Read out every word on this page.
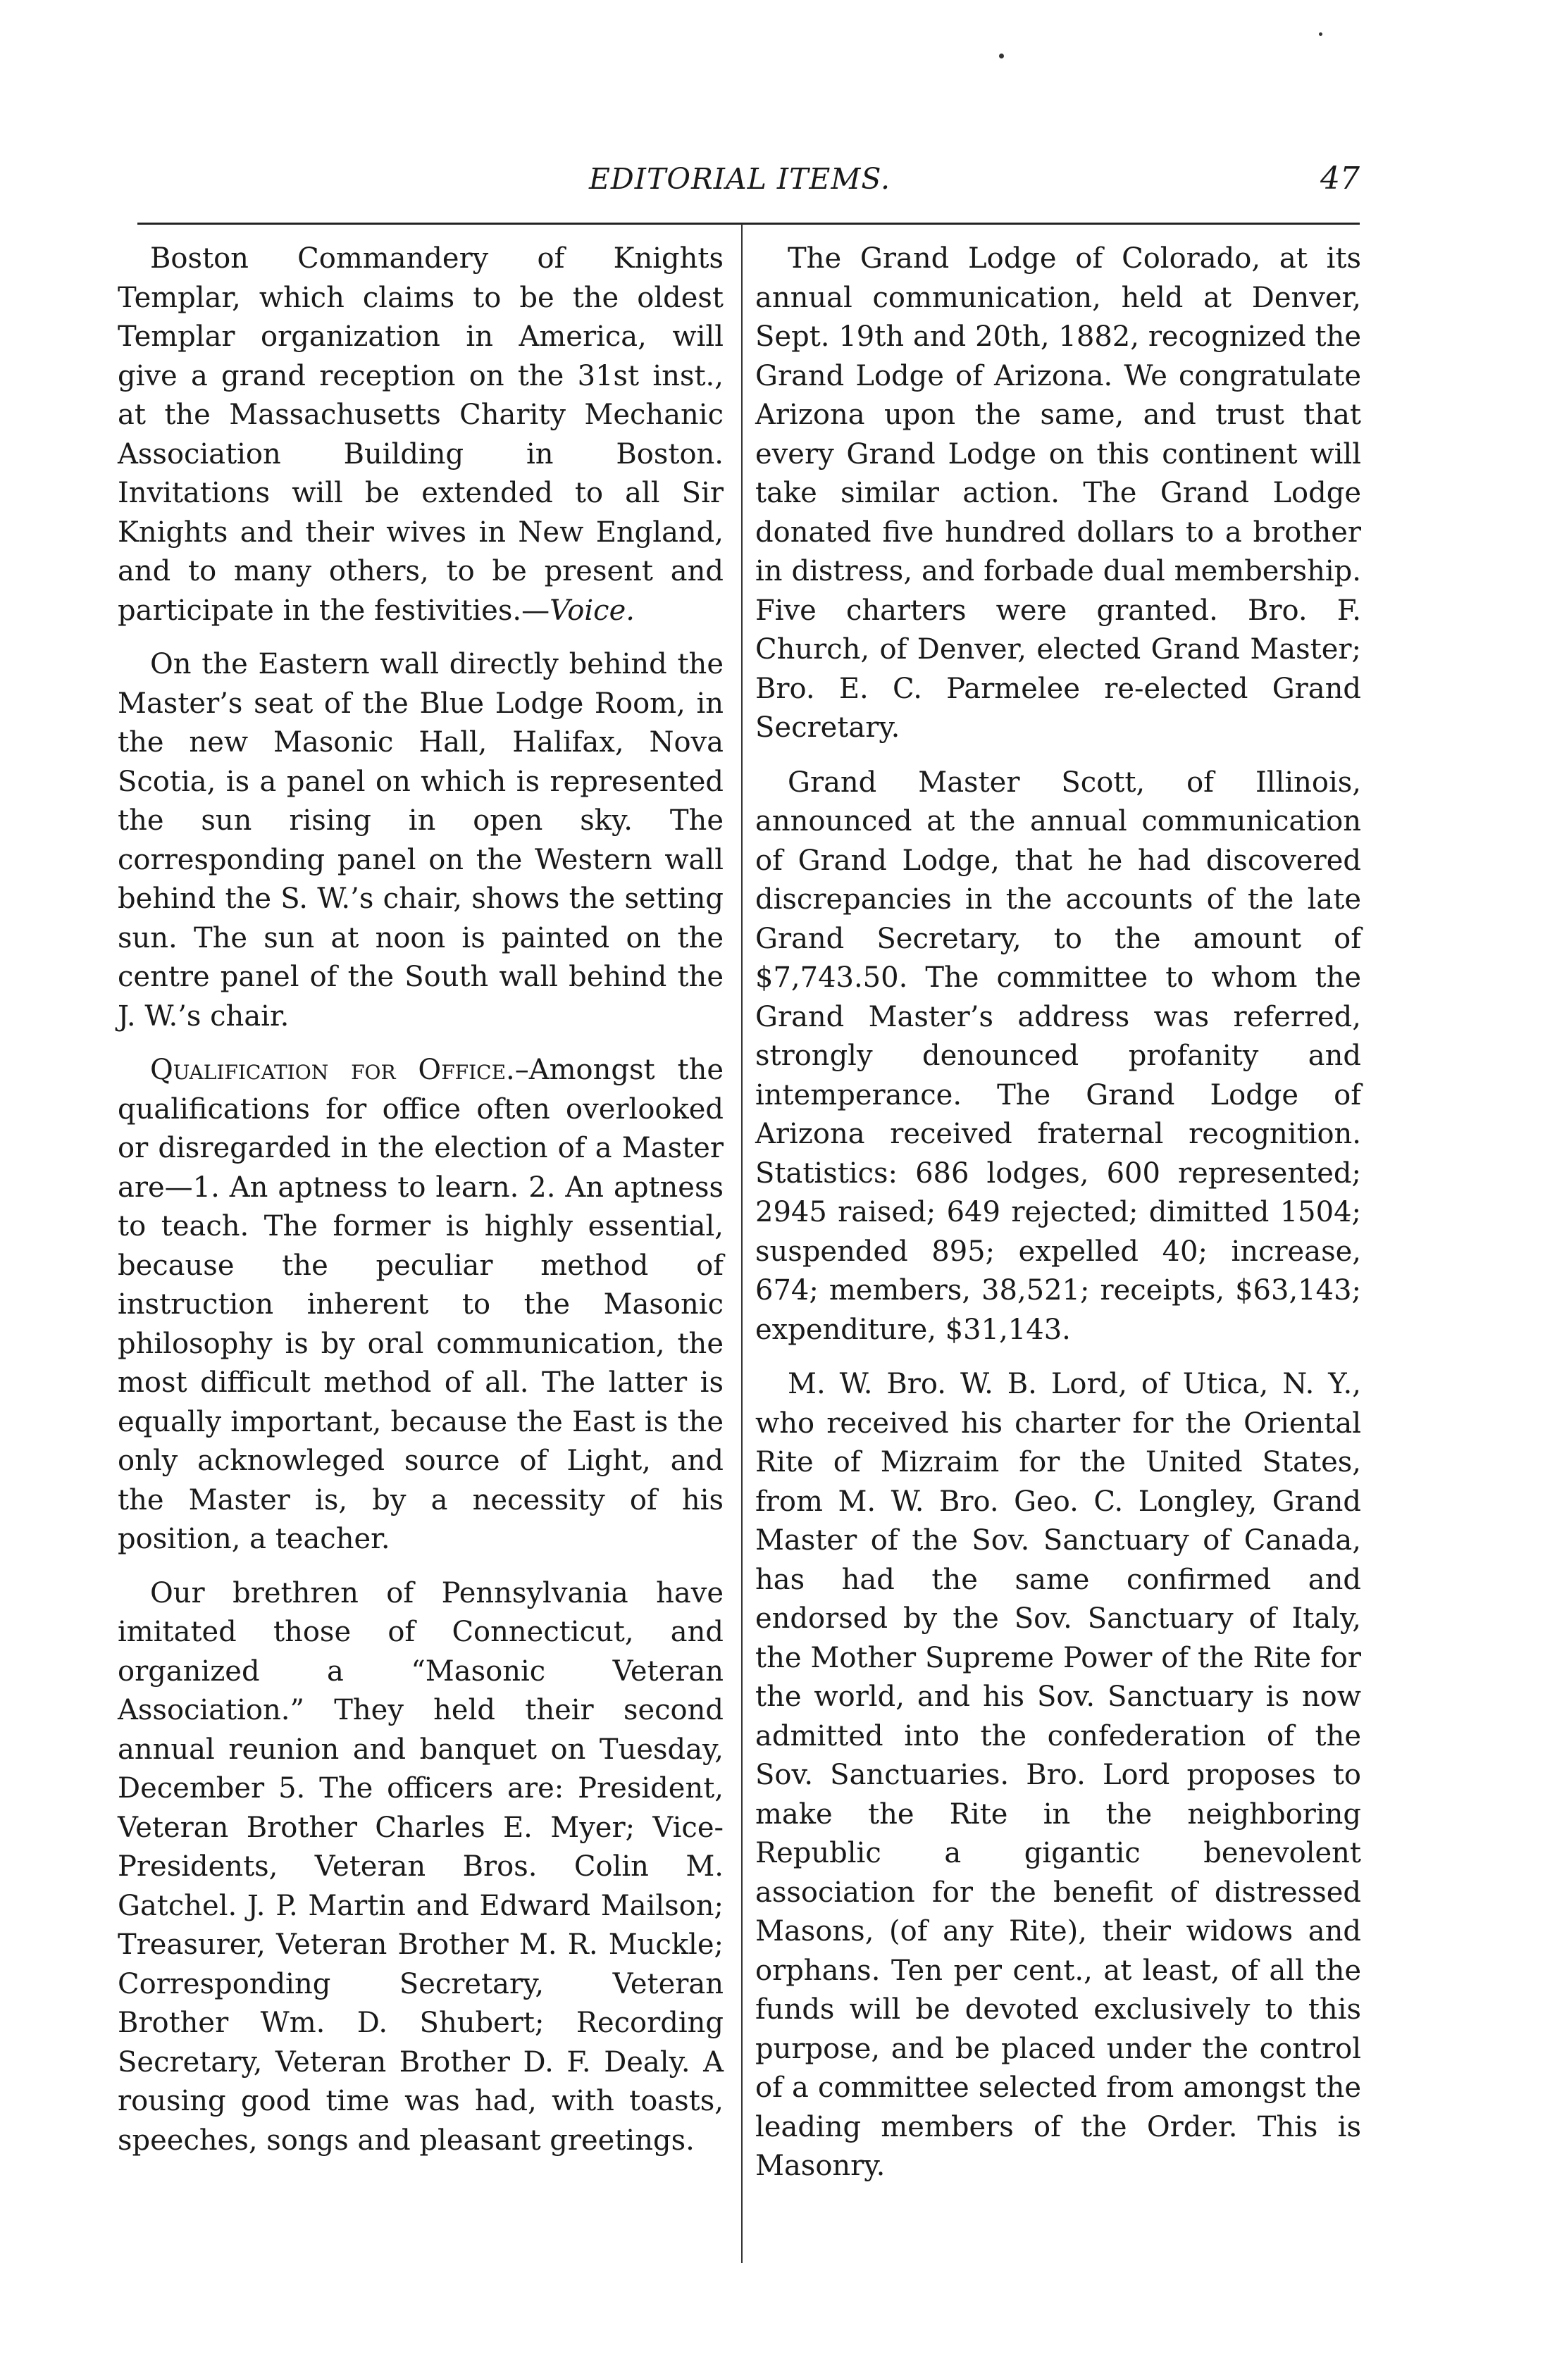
EDITORIAL ITEMS.	47

Boston Commandery of Knights Templar, which claims to be the oldest Templar organization in America, will give a grand reception on the 31st inst., at the Massachusetts Charity Mechanic Association Building in Boston. Invitations will be extended to all Sir Knights and their wives in New England, and to many others, to be present and participate in the festivities.—Voice.

On the Eastern wall directly behind the Master’s seat of the Blue Lodge Room, in the new Masonic Hall, Halifax, Nova Scotia, is a panel on which is represented the sun rising in open sky. The corresponding panel on the Western wall behind the S. W.’s chair, shows the setting sun. The sun at noon is painted on the centre panel of the South wall behind the J. W.’s chair.

Qualification for Office.–Amongst the qualifications for office often overlooked or disregarded in the election of a Master are—1. An aptness to learn. 2. An aptness to teach. The former is highly essential, because the peculiar method of instruction inherent to the Masonic philosophy is by oral communication, the most difficult method of all. The latter is equally important, because the East is the only acknowleged source of Light, and the Master is, by a necessity of his position, a teacher.

Our brethren of Pennsylvania have imitated those of Connecticut, and organized a “Masonic Veteran Association.” They held their second annual reunion and banquet on Tuesday, December 5. The officers are: President, Veteran Brother Charles E. Myer; Vice-Presidents, Veteran Bros. Colin M. Gatchel. J. P. Martin and Edward Mailson; Treasurer, Veteran Brother M. R. Muckle; Corresponding Secretary, Veteran Brother Wm. D. Shubert; Recording Secretary, Veteran Brother D. F. Dealy. A rousing good time was had, with toasts, speeches, songs and pleasant greetings.

The Grand Lodge of Colorado, at its annual communication, held at Denver, Sept. 19th and 20th, 1882, recognized the Grand Lodge of Arizona. We congratulate Arizona upon the same, and trust that every Grand Lodge on this continent will take similar action. The Grand Lodge donated five hundred dollars to a brother in distress, and forbade dual membership. Five charters were granted. Bro. F. Church, of Denver, elected Grand Master; Bro. E. C. Parmelee re-elected Grand Secretary.

Grand Master Scott, of Illinois, announced at the annual communication of Grand Lodge, that he had discovered discrepancies in the accounts of the late Grand Secretary, to the amount of $7,743.50. The committee to whom the Grand Master’s address was referred, strongly denounced profanity and intemperance. The Grand Lodge of Arizona received fraternal recognition. Statistics: 686 lodges, 600 represented; 2945 raised; 649 rejected; dimitted 1504; suspended 895; expelled 40; increase, 674; members, 38,521; receipts, $63,143; expenditure, $31,143.

M. W. Bro. W. B. Lord, of Utica, N. Y., who received his charter for the Oriental Rite of Mizraim for the United States, from M. W. Bro. Geo. C. Longley, Grand Master of the Sov. Sanctuary of Canada, has had the same confirmed and endorsed by the Sov. Sanctuary of Italy, the Mother Supreme Power of the Rite for the world, and his Sov. Sanctuary is now admitted into the confederation of the Sov. Sanctuaries. Bro. Lord proposes to make the Rite in the neighboring Republic a gigantic benevolent association for the benefit of distressed Masons, (of any Rite), their widows and orphans. Ten per cent., at least, of all the funds will be devoted exclusively to this purpose, and be placed under the control of a committee selected from amongst the leading members of the Order. This is Masonry.
